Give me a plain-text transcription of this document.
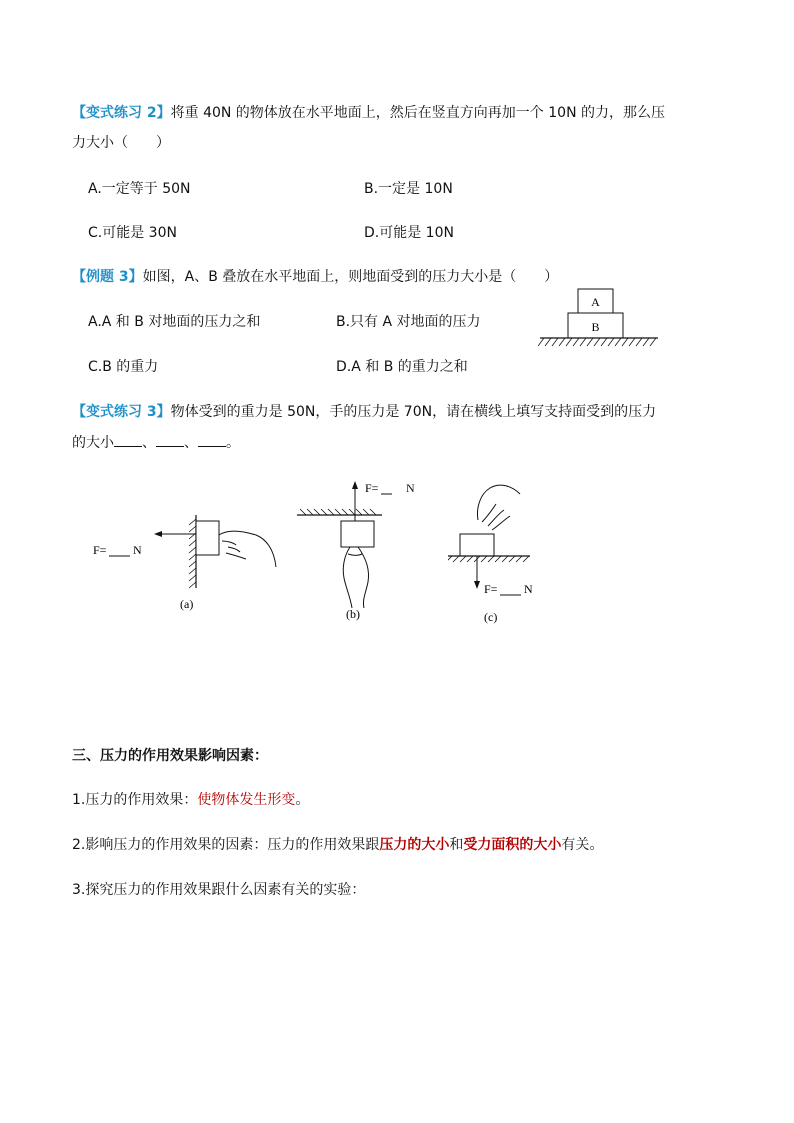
【变式练习 2】将重 40N 的物体放在水平地面上，然后在竖直方向再加一个 10N 的力，那么压
力大小（　　）
A.一定等于 50N	B.一定是 10N
C.可能是 30N	D.可能是 10N
【例题 3】如图，A、B 叠放在水平地面上，则地面受到的压力大小是（　　）
A.A 和 B 对地面的压力之和	B.只有 A 对地面的压力
C.B 的重力	D.A 和 B 的重力之和
A
B
【变式练习 3】物体受到的重力是 50N，手的压力是 70N，请在横线上填写支持面受到的压力
的大小 、 、 。
F= N
(a)
F=
(b)
N
F= N
(c)
三、压力的作用效果影响因素：
1.压力的作用效果：使物体发生形变。
2.影响压力的作用效果的因素：压力的作用效果跟压力的大小和受力面积的大小有关。
3.探究压力的作用效果跟什么因素有关的实验：
